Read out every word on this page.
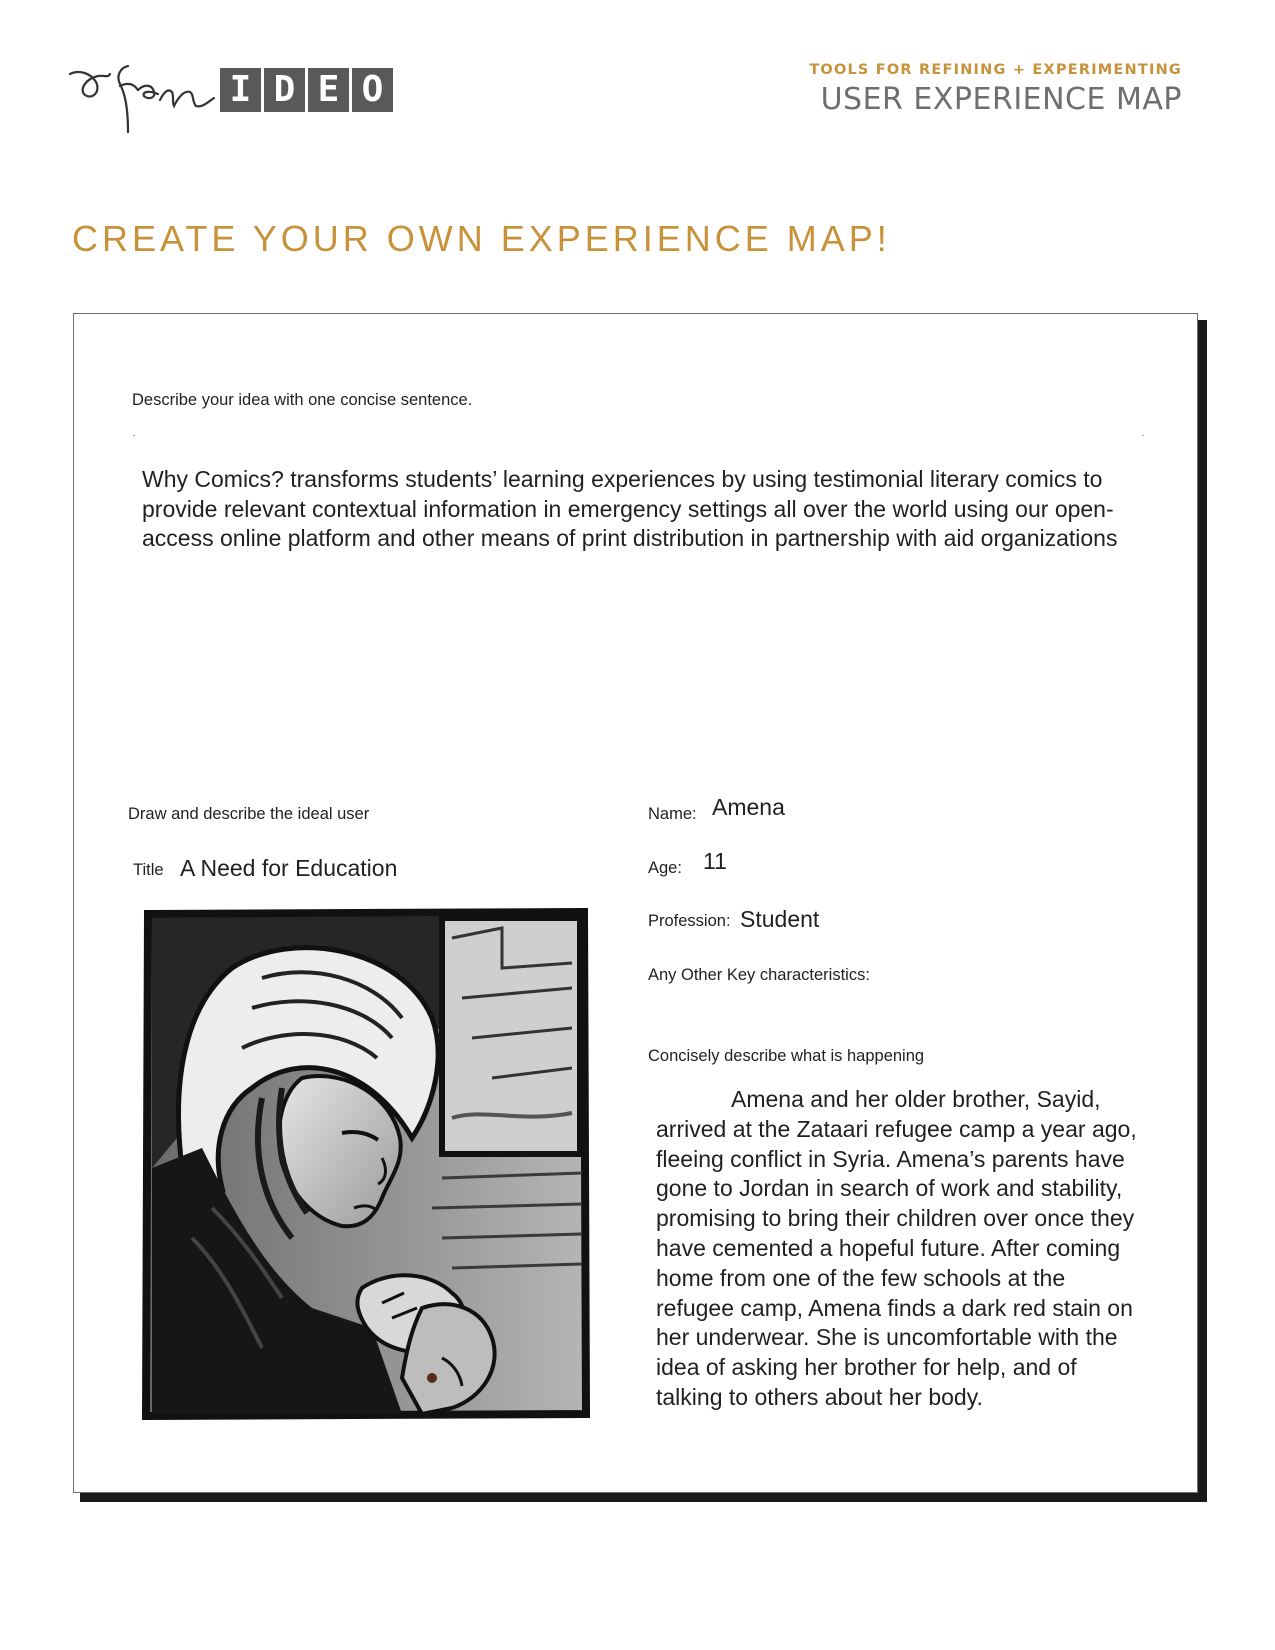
I D E O	TOOLS FOR REFINING + EXPERIMENTING
USER EXPERIENCE MAP
CREATE YOUR OWN EXPERIENCE MAP!
Describe your idea with one concise sentence.
Why Comics? transforms students’ learning experiences by using testimonial literary comics to provide relevant contextual information in emergency settings all over the world using our open-access online platform and other means of print distribution in partnership with aid organizations
Draw and describe the ideal user
Title A Need for Education
Name: Amena
Age: 11
Profession: Student
Any Other Key characteristics:
Concisely describe what is happening
Amena and her older brother, Sayid, arrived at the Zataari refugee camp a year ago, fleeing conflict in Syria. Amena’s parents have gone to Jordan in search of work and stability, promising to bring their children over once they have cemented a hopeful future. After coming home from one of the few schools at the refugee camp, Amena finds a dark red stain on her underwear. She is uncomfortable with the idea of asking her brother for help, and of talking to others about her body.
